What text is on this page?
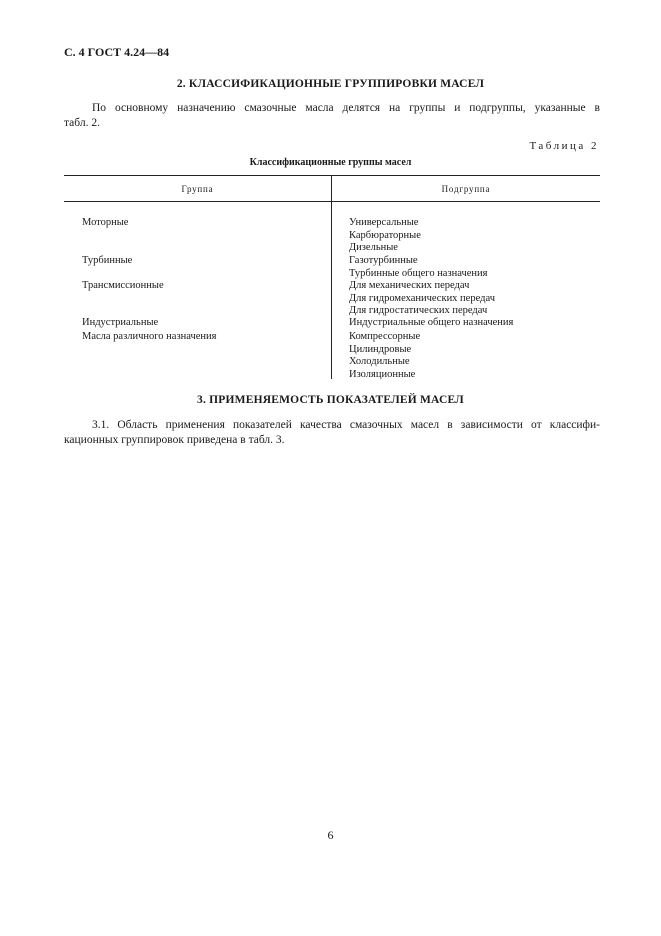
С. 4 ГОСТ 4.24—84
2. КЛАССИФИКАЦИОННЫЕ ГРУППИРОВКИ МАСЕЛ
По основному назначению смазочные масла делятся на группы и подгруппы, указанные в
табл. 2.
Таблица 2
Классификационные группы масел
Группа	Подгруппа
Моторные	Универсальные
Карбюраторные
Дизельные
Турбинные	Газотурбинные
Турбинные общего назначения
Трансмиссионные	Для механических передач
Для гидромеханических передач
Для гидростатических передач
Индустриальные	Индустриальные общего назначения
Масла различного назначения	Компрессорные
Цилиндровые
Холодильные
Изоляционные
3. ПРИМЕНЯЕМОСТЬ ПОКАЗАТЕЛЕЙ МАСЕЛ
3.1. Область применения показателей качества смазочных масел в зависимости от классифи-
кационных группировок приведена в табл. 3.
6
